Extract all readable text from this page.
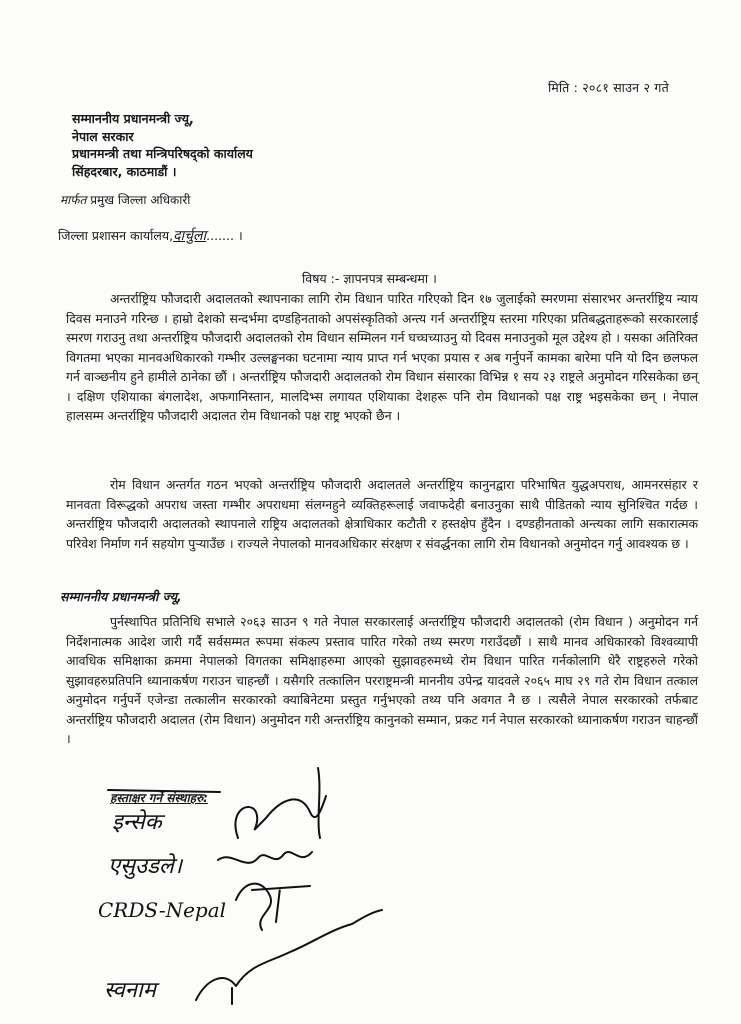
मिति : २०८१ साउन २ गते
सम्माननीय प्रधानमन्त्री ज्यू,
नेपाल सरकार
प्रधानमन्त्री तथा मन्त्रिपरिषद्को कार्यालय
सिंहदरबार, काठमाडौं ।
मार्फत प्रमुख जिल्ला अधिकारी
जिल्ला प्रशासन कार्यालय,दार्चुला....... ।
विषय :- ज्ञापनपत्र सम्बन्धमा ।
अन्तर्राष्ट्रिय फौजदारी अदालतको स्थापनाका लागि रोम विधान पारित गरिएको दिन १७ जुलाईको स्मरणमा संसारभर अन्तर्राष्ट्रिय न्याय दिवस मनाउने गरिन्छ । हाम्रो देशको सन्दर्भमा दण्डहिनताको अपसंस्कृतिको अन्त्य गर्न अन्तर्राष्ट्रिय स्तरमा गरिएका प्रतिबद्धताहरूको सरकारलाई स्मरण गराउनु तथा अन्तर्राष्ट्रिय फौजदारी अदालतको रोम विधान सम्मिलन गर्न घच्घच्याउनु यो दिवस मनाउनुको मूल उद्देश्य हो । यसका अतिरिक्त विगतमा भएका मानवअधिकारको गम्भीर उल्लङ्घनका घटनामा न्याय प्राप्त गर्न भएका प्रयास र अब गर्नुपर्ने कामका बारेमा पनि यो दिन छलफल गर्न वाञ्छनीय हुने हामीले ठानेका छौं । अन्तर्राष्ट्रिय फौजदारी अदालतको रोम विधान संसारका विभिन्न १ सय २३ राष्ट्रले अनुमोदन गरिसकेका छन् । दक्षिण एशियाका बंगलादेश, अफगानिस्तान, मालदिभ्स लगायत एशियाका देशहरू पनि रोम विधानको पक्ष राष्ट्र भइसकेका छन् । नेपाल हालसम्म अन्तर्राष्ट्रिय फौजदारी अदालत रोम विधानको पक्ष राष्ट्र भएको छैन ।
रोम विधान अन्तर्गत गठन भएको अन्तर्राष्ट्रिय फौजदारी अदालतले अन्तर्राष्ट्रिय कानुनद्वारा परिभाषित युद्धअपराध, आमनरसंहार र मानवता विरूद्धको अपराध जस्ता गम्भीर अपराधमा संलग्नहुने व्यक्तिहरूलाई जवाफदेही बनाउनुका साथै पीडितको न्याय सुनिश्चित गर्दछ । अन्तर्राष्ट्रिय फौजदारी अदालतको स्थापनाले राष्ट्रिय अदालतको क्षेत्राधिकार कटौती र हस्तक्षेप हुँदैन । दण्डहीनताको अन्त्यका लागि सकारात्मक परिवेश निर्माण गर्न सहयोग पुऱ्याउँछ । राज्यले नेपालको मानवअधिकार संरक्षण र संवर्द्धनका लागि रोम विधानको अनुमोदन गर्नु आवश्यक छ ।
सम्माननीय प्रधानमन्त्री ज्यू,
पुर्नस्थापित प्रतिनिधि सभाले २०६३ साउन ९ गते नेपाल सरकारलाई अन्तर्राष्ट्रिय फौजदारी अदालतको (रोम विधान ) अनुमोदन गर्न निर्देशनात्मक आदेश जारी गर्दै सर्वसम्मत रूपमा संकल्प प्रस्ताव पारित गरेको तथ्य स्मरण गराउँदछौं । साथै मानव अधिकारको विश्वव्यापी आवधिक समिक्षाका क्रममा नेपालको विगतका समिक्षाहरुमा आएको सुझावहरुमध्ये रोम विधान पारित गर्नकोलागि धेरै राष्ट्रहरुले गरेको सुझावहरुप्रतिपनि ध्यानाकर्षण गराउन चाहन्छौं । यसैगरि तत्कालिन परराष्ट्रमन्त्री माननीय उपेन्द्र यादवले २०६५ माघ २९ गते रोम विधान तत्काल अनुमोदन गर्नुपर्ने एजेन्डा तत्कालीन सरकारको क्याबिनेटमा प्रस्तुत गर्नुभएको तथ्य पनि अवगत नै छ । त्यसैले नेपाल सरकारको तर्फबाट अन्तर्राष्ट्रिय फौजदारी अदालत (रोम विधान) अनुमोदन गरी अन्तर्राष्ट्रिय कानुनको सम्मान, प्रकट गर्न नेपाल सरकारको ध्यानाकर्षण गराउन चाहन्छौं ।
हस्ताक्षर गर्ने संस्थाहरु:
इन्सेक
एसुउडले।
CRDS-Nepal
स्वनाम
